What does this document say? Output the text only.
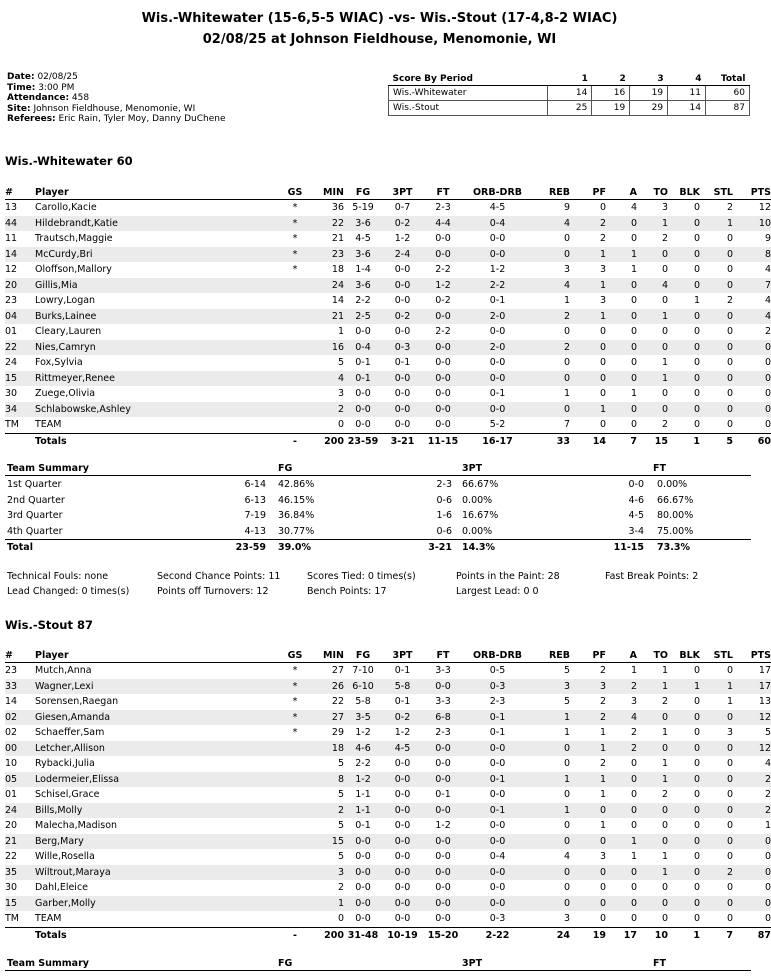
Wis.-Whitewater (15-6,5-5 WIAC) -vs- Wis.-Stout (17-4,8-2 WIAC)
02/08/25 at Johnson Fieldhouse, Menomonie, WI
Date: 02/08/25
Time: 3:00 PM
Attendance: 458
Site: Johnson Fieldhouse, Menomonie, WI
Referees: Eric Rain, Tyler Moy, Danny DuChene
Score By Period	1	2	3	4	Total
Wis.-Whitewater	14	16	19	11	60
Wis.-Stout	25	19	29	14	87
Wis.-Whitewater 60
#	Player	GS	MIN	FG	3PT	FT	ORB-DRB	REB	PF	A	TO	BLK	STL	PTS
13	Carollo,Kacie	*	36	5-19	0-7	2-3	4-5	9	0	4	3	0	2	12
44	Hildebrandt,Katie	*	22	3-6	0-2	4-4	0-4	4	2	0	1	0	1	10
11	Trautsch,Maggie	*	21	4-5	1-2	0-0	0-0	0	2	0	2	0	0	9
14	McCurdy,Bri	*	23	3-6	2-4	0-0	0-0	0	1	1	0	0	0	8
12	Oloffson,Mallory	*	18	1-4	0-0	2-2	1-2	3	3	1	0	0	0	4
20	Gillis,Mia		24	3-6	0-0	1-2	2-2	4	1	0	4	0	0	7
23	Lowry,Logan		14	2-2	0-0	0-2	0-1	1	3	0	0	1	2	4
04	Burks,Lainee		21	2-5	0-2	0-0	2-0	2	1	0	1	0	0	4
01	Cleary,Lauren		1	0-0	0-0	2-2	0-0	0	0	0	0	0	0	2
22	Nies,Camryn		16	0-4	0-3	0-0	2-0	2	0	0	0	0	0	0
24	Fox,Sylvia		5	0-1	0-1	0-0	0-0	0	0	0	1	0	0	0
15	Rittmeyer,Renee		4	0-1	0-0	0-0	0-0	0	0	0	1	0	0	0
30	Zuege,Olivia		3	0-0	0-0	0-0	0-1	1	0	1	0	0	0	0
34	Schlabowske,Ashley		2	0-0	0-0	0-0	0-0	0	1	0	0	0	0	0
TM	TEAM		0	0-0	0-0	0-0	5-2	7	0	0	2	0	0	0
	Totals	-	200	23-59	3-21	11-15	16-17	33	14	7	15	1	5	60
Team Summary	FG	3PT	FT
1st Quarter	6-14 42.86%	2-3 66.67%	0-0 0.00%
2nd Quarter	6-13 46.15%	0-6 0.00%	4-6 66.67%
3rd Quarter	7-19 36.84%	1-6 16.67%	4-5 80.00%
4th Quarter	4-13 30.77%	0-6 0.00%	3-4 75.00%
Total	23-59 39.0%	3-21 14.3%	11-15 73.3%
Technical Fouls: none	Second Chance Points: 11	Scores Tied: 0 times(s)	Points in the Paint: 28	Fast Break Points: 2
Lead Changed: 0 times(s)	Points off Turnovers: 12	Bench Points: 17	Largest Lead: 0 0
Wis.-Stout 87
#	Player	GS	MIN	FG	3PT	FT	ORB-DRB	REB	PF	A	TO	BLK	STL	PTS
23	Mutch,Anna	*	27	7-10	0-1	3-3	0-5	5	2	1	1	0	0	17
33	Wagner,Lexi	*	26	6-10	5-8	0-0	0-3	3	3	2	1	1	1	17
14	Sorensen,Raegan	*	22	5-8	0-1	3-3	2-3	5	2	3	2	0	1	13
02	Giesen,Amanda	*	27	3-5	0-2	6-8	0-1	1	2	4	0	0	0	12
02	Schaeffer,Sam	*	29	1-2	1-2	2-3	0-1	1	1	2	1	0	3	5
00	Letcher,Allison		18	4-6	4-5	0-0	0-0	0	1	2	0	0	0	12
10	Rybacki,Julia		5	2-2	0-0	0-0	0-0	0	2	0	1	0	0	4
05	Lodermeier,Elissa		8	1-2	0-0	0-0	0-1	1	1	0	1	0	0	2
01	Schisel,Grace		5	1-1	0-0	0-1	0-0	0	1	0	2	0	0	2
24	Bills,Molly		2	1-1	0-0	0-0	0-1	1	0	0	0	0	0	2
20	Malecha,Madison		5	0-1	0-0	1-2	0-0	0	1	0	0	0	0	1
21	Berg,Mary		15	0-0	0-0	0-0	0-0	0	0	1	0	0	0	0
22	Wille,Rosella		5	0-0	0-0	0-0	0-4	4	3	1	1	0	0	0
35	Wiltrout,Maraya		3	0-0	0-0	0-0	0-0	0	0	0	1	0	2	0
30	Dahl,Eleice		2	0-0	0-0	0-0	0-0	0	0	0	0	0	0	0
15	Garber,Molly		1	0-0	0-0	0-0	0-0	0	0	0	0	0	0	0
TM	TEAM		0	0-0	0-0	0-0	0-3	3	0	0	0	0	0	0
	Totals	-	200	31-48	10-19	15-20	2-22	24	19	17	10	1	7	87
Team Summary	FG	3PT	FT
